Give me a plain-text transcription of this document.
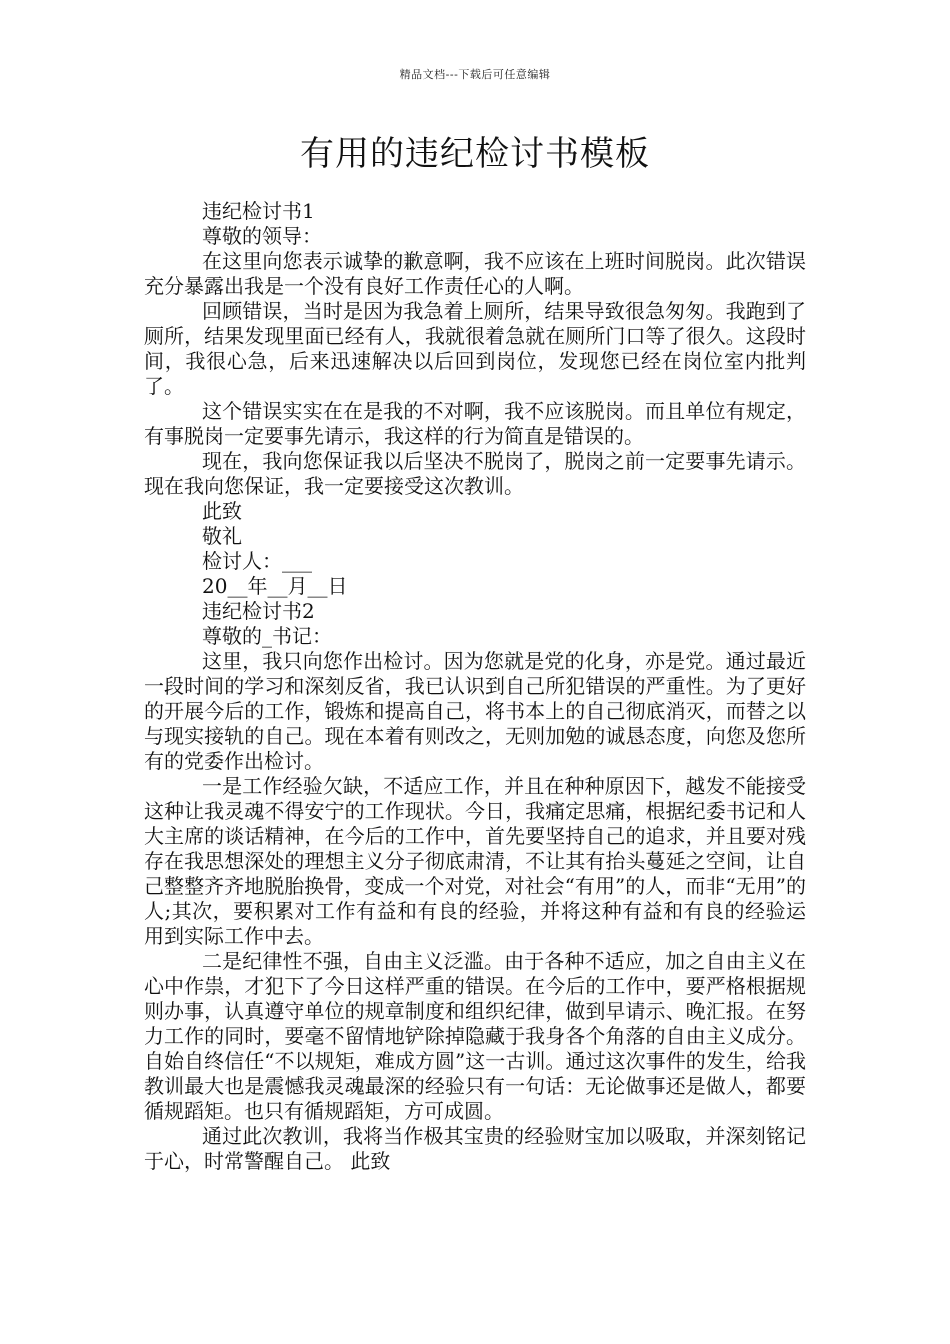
精品文档---下载后可任意编辑
有用的违纪检讨书模板

违纪检讨书1

尊敬的领导：

在这里向您表示诚挚的歉意啊，我不应该在上班时间脱岗。此次错误充分暴露出我是一个没有良好工作责任心的人啊。

回顾错误，当时是因为我急着上厕所，结果导致很急匆匆。我跑到了厕所，结果发现里面已经有人，我就很着急就在厕所门口等了很久。这段时间，我很心急，后来迅速解决以后回到岗位，发现您已经在岗位室内批判了。

这个错误实实在在是我的不对啊，我不应该脱岗。而且单位有规定，有事脱岗一定要事先请示，我这样的行为简直是错误的。

现在，我向您保证我以后坚决不脱岗了，脱岗之前一定要事先请示。现在我向您保证，我一定要接受这次教训。

此致

敬礼

检讨人：___

20__年__月__日

违纪检讨书2

尊敬的_书记：

这里，我只向您作出检讨。因为您就是党的化身，亦是党。通过最近一段时间的学习和深刻反省，我已认识到自己所犯错误的严重性。为了更好的开展今后的工作，锻炼和提高自己，将书本上的自己彻底消灭，而替之以与现实接轨的自己。现在本着有则改之，无则加勉的诚恳态度，向您及您所有的党委作出检讨。

一是工作经验欠缺，不适应工作，并且在种种原因下，越发不能接受这种让我灵魂不得安宁的工作现状。今日，我痛定思痛，根据纪委书记和人大主席的谈话精神，在今后的工作中，首先要坚持自己的追求，并且要对残存在我思想深处的理想主义分子彻底肃清，不让其有抬头蔓延之空间，让自己整整齐齐地脱胎换骨，变成一个对党，对社会“有用”的人，而非“无用”的人;其次，要积累对工作有益和有良的经验，并将这种有益和有良的经验运用到实际工作中去。

二是纪律性不强，自由主义泛滥。由于各种不适应，加之自由主义在心中作祟，才犯下了今日这样严重的错误。在今后的工作中，要严格根据规则办事，认真遵守单位的规章制度和组织纪律，做到早请示、晚汇报。在努力工作的同时，要毫不留情地铲除掉隐藏于我身各个角落的自由主义成分。自始自终信任“不以规矩，难成方圆”这一古训。通过这次事件的发生，给我教训最大也是震憾我灵魂最深的经验只有一句话：无论做事还是做人，都要循规蹈矩。也只有循规蹈矩，方可成圆。

通过此次教训，我将当作极其宝贵的经验财宝加以吸取，并深刻铭记于心，时常警醒自己。 此致
